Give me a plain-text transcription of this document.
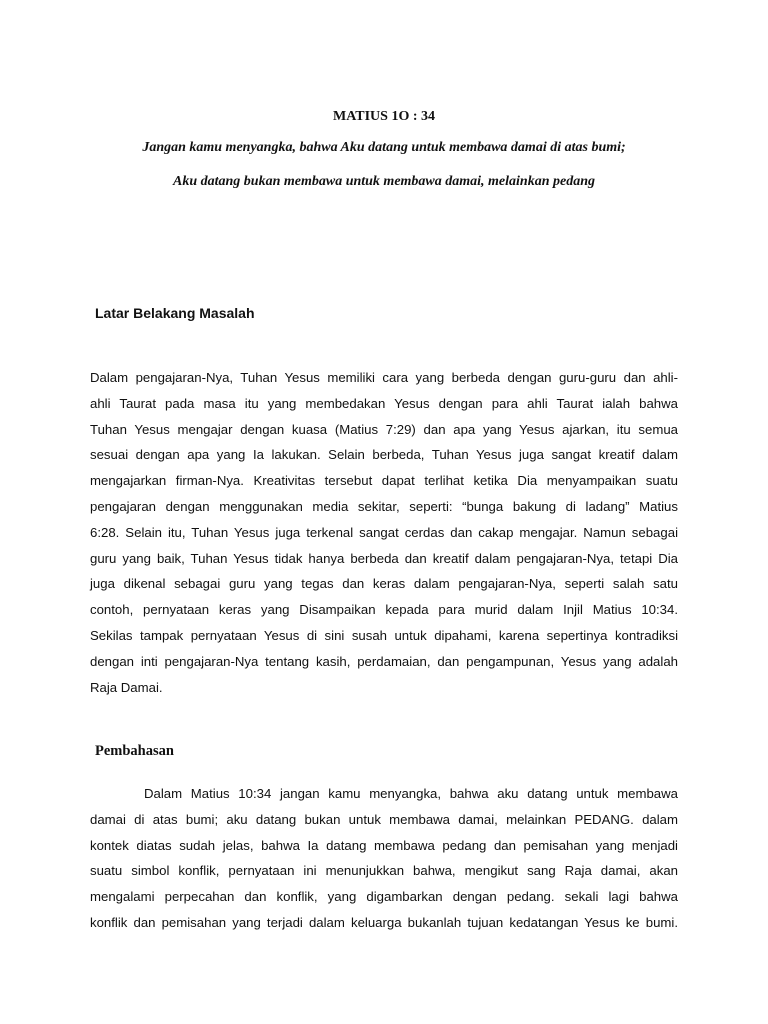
MATIUS 1O : 34
Jangan kamu menyangka, bahwa Aku datang untuk membawa damai di atas bumi;
Aku datang bukan membawa untuk membawa damai, melainkan pedang
Latar Belakang Masalah
Dalam pengajaran-Nya, Tuhan Yesus memiliki cara yang berbeda dengan guru-guru dan ahli-
ahli Taurat pada masa itu yang membedakan Yesus dengan para ahli Taurat ialah bahwa
Tuhan Yesus mengajar dengan kuasa (Matius 7:29) dan apa yang Yesus ajarkan, itu semua
sesuai dengan apa yang Ia lakukan. Selain berbeda, Tuhan Yesus juga sangat kreatif dalam
mengajarkan firman-Nya. Kreativitas tersebut dapat terlihat ketika Dia menyampaikan suatu
pengajaran dengan menggunakan media sekitar, seperti: “bunga bakung di ladang” Matius
6:28. Selain itu, Tuhan Yesus juga terkenal sangat cerdas dan cakap mengajar. Namun sebagai
guru yang baik, Tuhan Yesus tidak hanya berbeda dan kreatif dalam pengajaran-Nya, tetapi Dia
juga dikenal sebagai guru yang tegas dan keras dalam pengajaran-Nya, seperti salah satu
contoh, pernyataan keras yang Disampaikan kepada para murid dalam Injil Matius 10:34.
Sekilas tampak pernyataan Yesus di sini susah untuk dipahami, karena sepertinya kontradiksi
dengan inti pengajaran-Nya tentang kasih, perdamaian, dan pengampunan, Yesus yang adalah
Raja Damai.
Pembahasan
Dalam Matius 10:34 jangan kamu menyangka, bahwa aku datang untuk membawa
damai di atas bumi; aku datang bukan untuk membawa damai, melainkan PEDANG. dalam
kontek diatas sudah jelas, bahwa Ia datang membawa pedang dan pemisahan yang menjadi
suatu simbol konflik, pernyataan ini menunjukkan bahwa, mengikut sang Raja damai, akan
mengalami perpecahan dan konflik, yang digambarkan dengan pedang. sekali lagi bahwa
konflik dan pemisahan yang terjadi dalam keluarga bukanlah tujuan kedatangan Yesus ke bumi.
